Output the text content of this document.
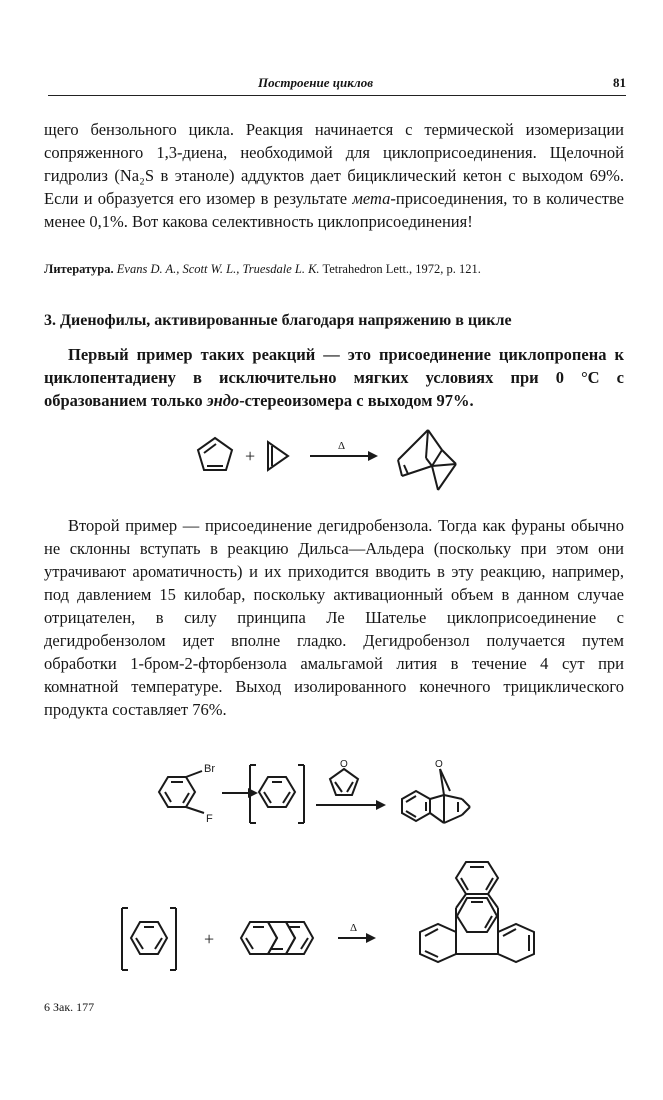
Построение циклов	81

щего бензольного цикла. Реакция начинается с термической изомеризации сопряженного 1,3-диена, необходимой для циклоприсоединения. Щелочной гидролиз (Na₂S в этаноле) аддуктов дает бициклический кетон с выходом 69%. Если и образуется его изомер в результате мета-присоединения, то в количестве менее 0,1%. Вот какова селективность циклоприсоединения!

Литература. Evans D. A., Scott W. L., Truesdale L. K. Tetrahedron Lett., 1972, p. 121.

3. Диенофилы, активированные благодаря напряжению в цикле

Первый пример таких реакций — это присоединение циклопропена к циклопентадиену в исключительно мягких условиях при 0 °C с образованием только эндо-стереоизомера с выходом 97%.

+	Δ

Второй пример — присоединение дегидробензола. Тогда как фураны обычно не склонны вступать в реакцию Дильса—Альдера (поскольку при этом они утрачивают ароматичность) и их приходится вводить в эту реакцию, например, под давлением 15 килобар, поскольку активационный объем в данном случае отрицателен, в силу принципа Ле Шателье циклоприсоединение с дегидробензолом идет вполне гладко. Дегидробензол получается путем обработки 1-бром-2-фторбензола амальгамой лития в течение 4 сут при комнатной температуре. Выход изолированного конечного трициклического продукта составляет 76%.

Br
F
O	O
+
Δ
6 Зак. 177
